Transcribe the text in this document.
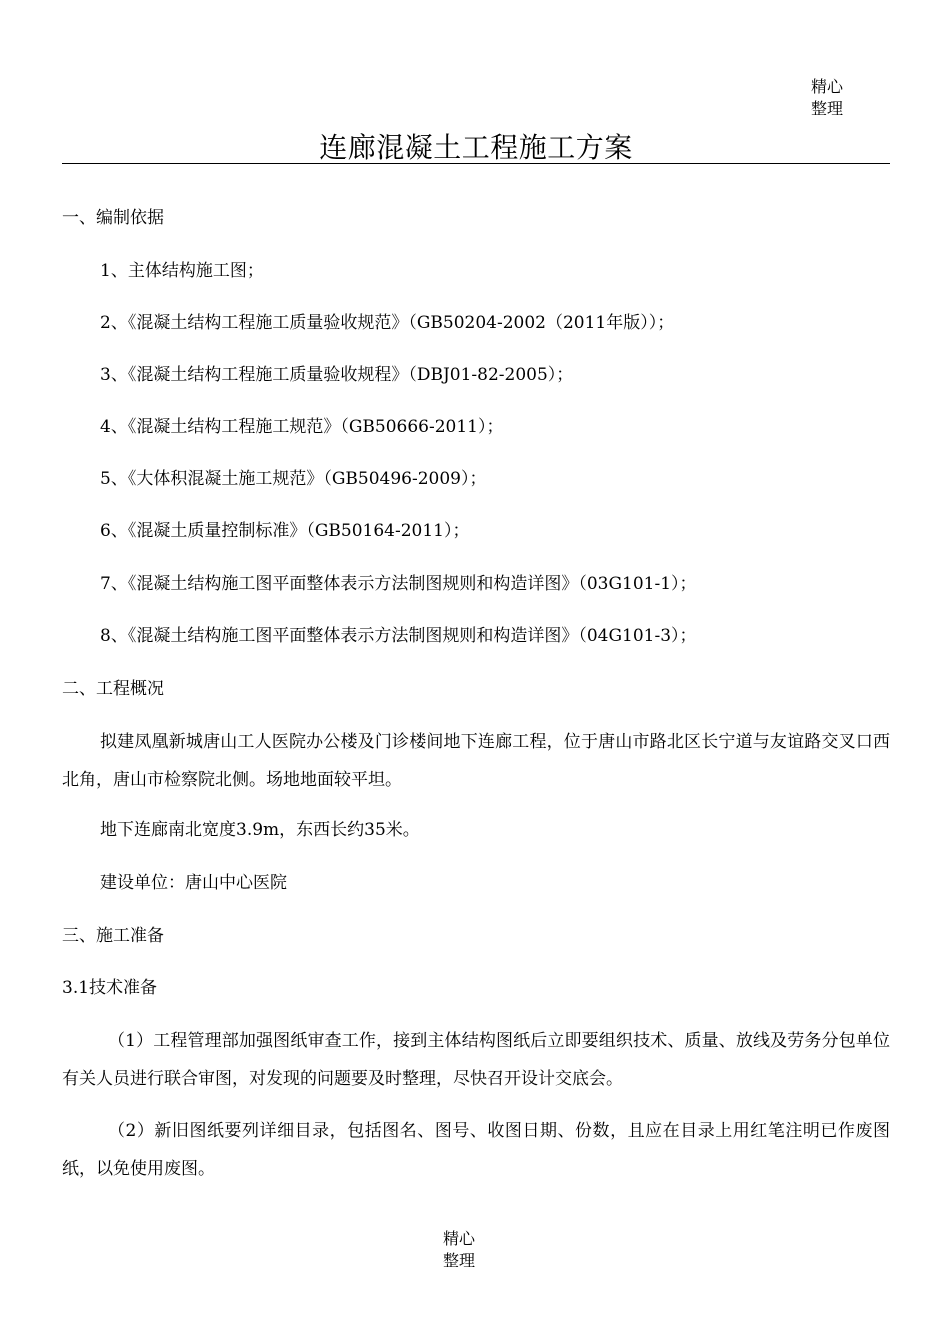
精心
整理
连廊混凝土工程施工方案
一、编制依据
1、主体结构施工图；
2、《混凝土结构工程施工质量验收规范》（GB50204-2002（2011年版））；
3、《混凝土结构工程施工质量验收规程》（DBJ01-82-2005）；
4、《混凝土结构工程施工规范》（GB50666-2011）；
5、《大体积混凝土施工规范》（GB50496-2009）；
6、《混凝土质量控制标准》（GB50164-2011）；
7、《混凝土结构施工图平面整体表示方法制图规则和构造详图》（03G101-1）；
8、《混凝土结构施工图平面整体表示方法制图规则和构造详图》（04G101-3）；
二、工程概况
拟建凤凰新城唐山工人医院办公楼及门诊楼间地下连廊工程，位于唐山市路北区长宁道与友谊路交叉口西北角，唐山市检察院北侧。场地地面较平坦。
地下连廊南北宽度3.9m，东西长约35米。
建设单位：唐山中心医院
三、施工准备
3.1技术准备
（1）工程管理部加强图纸审查工作，接到主体结构图纸后立即要组织技术、质量、放线及劳务分包单位有关人员进行联合审图，对发现的问题要及时整理，尽快召开设计交底会。
（2）新旧图纸要列详细目录，包括图名、图号、收图日期、份数，且应在目录上用红笔注明已作废图纸，以免使用废图。
精心
整理
